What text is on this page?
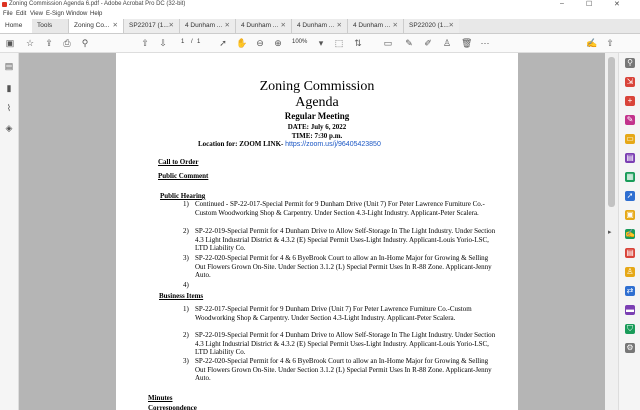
Zoning Commission Agenda 6.pdf - Adobe Acrobat Pro DC (32-bit)	–	☐	✕
File Edit View E-Sign Window Help
Home	Tools	Zoning Co... ✕	SP22017 (1... ✕	4 Dunham ... ✕	4 Dunham ... ✕	4 Dunham ... ✕	4 Dunham ... ✕	SP22020 (1... ✕
▣ ☆ ⇪ ⎙ ⚲	⇧ ⇩ 1 / 1 ➚ ✋ ⊖ ⊕ 100%	▾	⬚ ⇅ ▭ ✎ ✐ ♙ 🗑 ⋯	✍ ⇧
▤
▮
⌇
◈
Zoning Commission
Agenda
Regular Meeting
DATE: July 6, 2022
TIME: 7:30 p.m.
Location for: ZOOM LINK- https://zoom.us/j/96405423850
Call to Order
Public Comment
Public Hearing
1) Continued - SP-22-017-Special Permit for 9 Dunham Drive (Unit 7) For Peter Lawrence Furniture Co.-Custom Woodworking Shop & Carpentry. Under Section 4.3-Light Industry. Applicant-Peter Scalera.
2) SP-22-019-Special Permit for 4 Dunham Drive to Allow Self-Storage In The Light Industry. Under Section 4.3 Light Industrial District & 4.3.2 (E) Special Permit Uses-Light Industry. Applicant-Louis Yorio-LSC, LTD Liability Co.
3) SP-22-020-Special Permit for 4 & 6 ByeBrook Court to allow an In-Home Major for Growing & Selling Out Flowers Grown On-Site. Under Section 3.1.2 (L) Special Permit Uses In R-88 Zone. Applicant-Jenny Auto.
4)
Business Items
1) SP-22-017-Special Permit for 9 Dunham Drive (Unit 7) For Peter Lawrence Furniture Co.-Custom Woodworking Shop & Carpentry. Under Section 4.3-Light Industry. Applicant-Peter Scalera.
2) SP-22-019-Special Permit for 4 Dunham Drive to Allow Self-Storage In The Light Industry. Under Section 4.3 Light Industrial District & 4.3.2 (E) Special Permit Uses-Light Industry. Applicant-Louis Yorio-LSC, LTD Liability Co.
3) SP-22-020-Special Permit for 4 & 6 ByeBrook Court to allow an In-Home Major for Growing & Selling Out Flowers Grown On-Site. Under Section 3.1.2 (L) Special Permit Uses In R-88 Zone. Applicant-Jenny Auto.
Minutes
Correspondence
▸
⚲
⇲
+
✎
▭
▤
▦
➚
▣
✍
▤
♙
⇄
▬
⛉
⚙
